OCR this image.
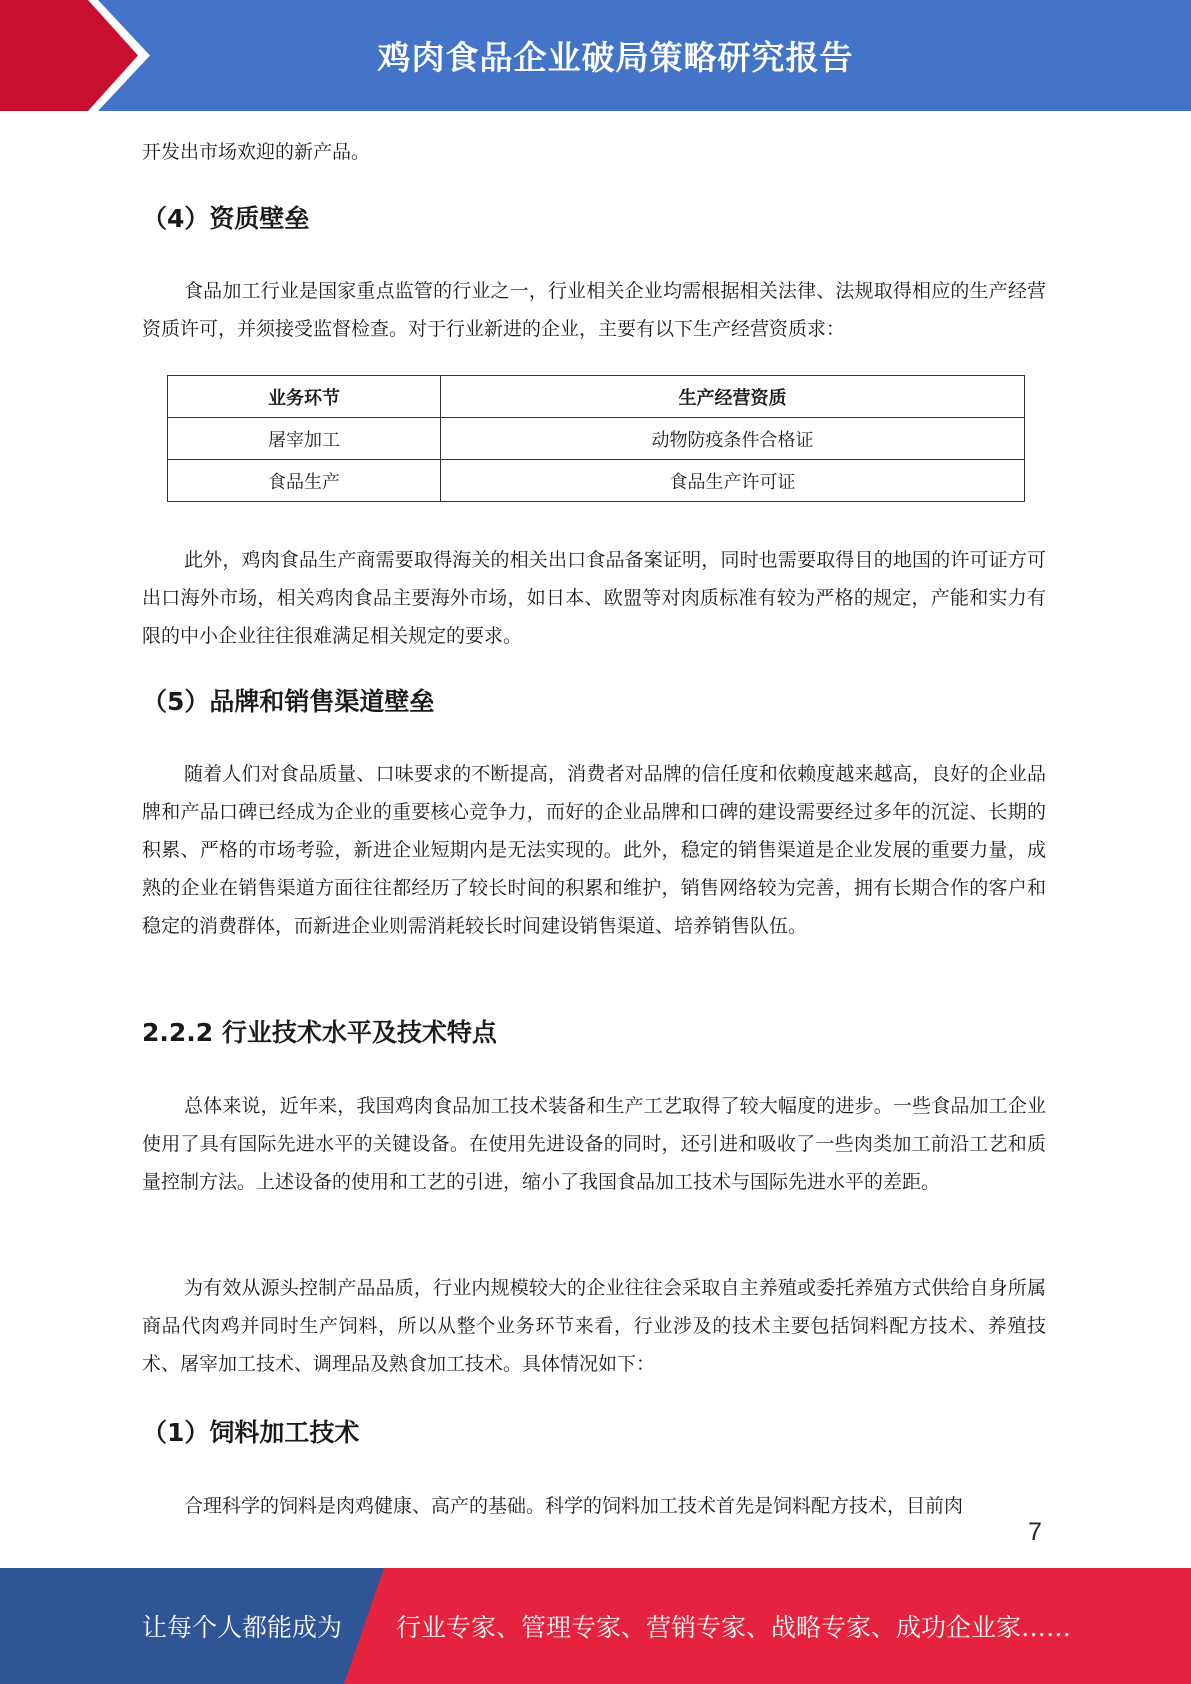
鸡肉食品企业破局策略研究报告

开发出市场欢迎的新产品。

（4）资质壁垒

食品加工行业是国家重点监管的行业之一，行业相关企业均需根据相关法律、法规取得相应的生产经营资质许可，并须接受监督检查。对于行业新进的企业，主要有以下生产经营资质求：

业务环节	生产经营资质
屠宰加工	动物防疫条件合格证
食品生产	食品生产许可证

此外，鸡肉食品生产商需要取得海关的相关出口食品备案证明，同时也需要取得目的地国的许可证方可出口海外市场，相关鸡肉食品主要海外市场，如日本、欧盟等对肉质标准有较为严格的规定，产能和实力有限的中小企业往往很难满足相关规定的要求。

（5）品牌和销售渠道壁垒

随着人们对食品质量、口味要求的不断提高，消费者对品牌的信任度和依赖度越来越高，良好的企业品牌和产品口碑已经成为企业的重要核心竞争力，而好的企业品牌和口碑的建设需要经过多年的沉淀、长期的积累、严格的市场考验，新进企业短期内是无法实现的。此外，稳定的销售渠道是企业发展的重要力量，成熟的企业在销售渠道方面往往都经历了较长时间的积累和维护，销售网络较为完善，拥有长期合作的客户和稳定的消费群体，而新进企业则需消耗较长时间建设销售渠道、培养销售队伍。

2.2.2 行业技术水平及技术特点

总体来说，近年来，我国鸡肉食品加工技术装备和生产工艺取得了较大幅度的进步。一些食品加工企业使用了具有国际先进水平的关键设备。在使用先进设备的同时，还引进和吸收了一些肉类加工前沿工艺和质量控制方法。上述设备的使用和工艺的引进，缩小了我国食品加工技术与国际先进水平的差距。

为有效从源头控制产品品质，行业内规模较大的企业往往会采取自主养殖或委托养殖方式供给自身所属商品代肉鸡并同时生产饲料，所以从整个业务环节来看，行业涉及的技术主要包括饲料配方技术、养殖技术、屠宰加工技术、调理品及熟食加工技术。具体情况如下：

（1）饲料加工技术

合理科学的饲料是肉鸡健康、高产的基础。科学的饲料加工技术首先是饲料配方技术，目前肉

7
让每个人都能成为 行业专家、管理专家、营销专家、战略专家、成功企业家……
